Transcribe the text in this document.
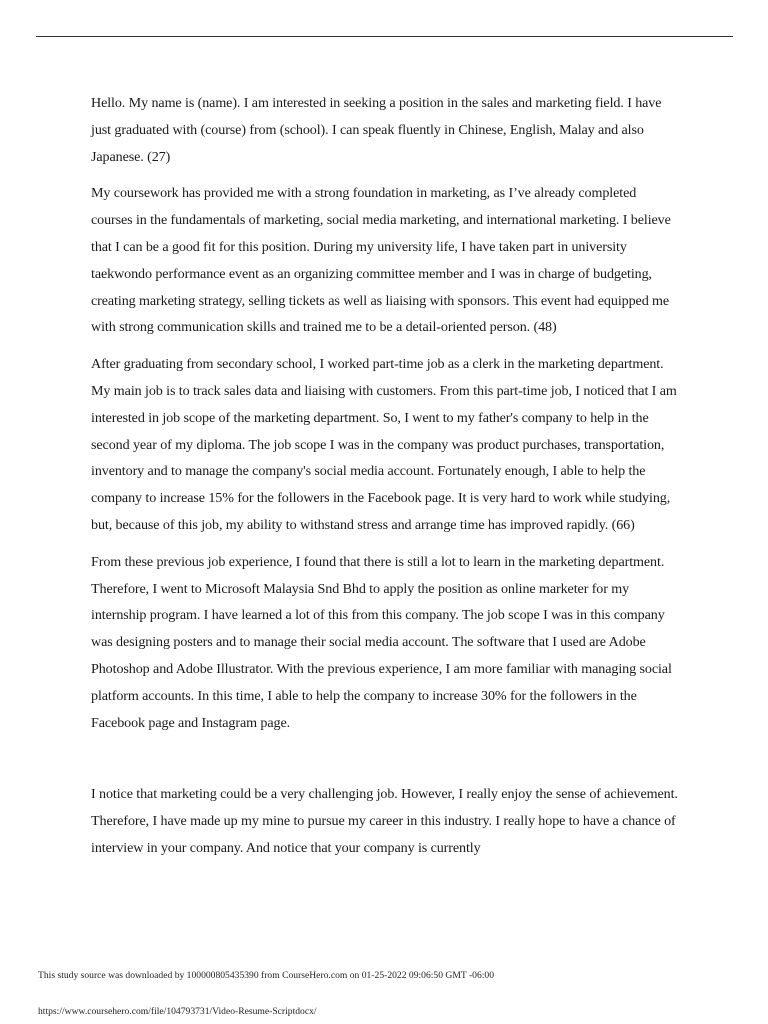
Hello. My name is (name). I am interested in seeking a position in the sales and marketing field. I have just graduated with (course) from (school). I can speak fluently in Chinese, English, Malay and also Japanese. (27)

My coursework has provided me with a strong foundation in marketing, as I’ve already completed courses in the fundamentals of marketing, social media marketing, and international marketing. I believe that I can be a good fit for this position. During my university life, I have taken part in university taekwondo performance event as an organizing committee member and I was in charge of budgeting, creating marketing strategy, selling tickets as well as liaising with sponsors. This event had equipped me with strong communication skills and trained me to be a detail-oriented person. (48)

After graduating from secondary school, I worked part-time job as a clerk in the marketing department. My main job is to track sales data and liaising with customers. From this part-time job, I noticed that I am interested in job scope of the marketing department. So, I went to my father's company to help in the second year of my diploma. The job scope I was in the company was product purchases, transportation, inventory and to manage the company's social media account. Fortunately enough, I able to help the company to increase 15% for the followers in the Facebook page. It is very hard to work while studying, but, because of this job, my ability to withstand stress and arrange time has improved rapidly. (66)

From these previous job experience, I found that there is still a lot to learn in the marketing department. Therefore, I went to Microsoft Malaysia Snd Bhd to apply the position as online marketer for my internship program. I have learned a lot of this from this company. The job scope I was in this company was designing posters and to manage their social media account. The software that I used are Adobe Photoshop and Adobe Illustrator. With the previous experience, I am more familiar with managing social platform accounts. In this time, I able to help the company to increase 30% for the followers in the Facebook page and Instagram page.

I notice that marketing could be a very challenging job. However, I really enjoy the sense of achievement. Therefore, I have made up my mine to pursue my career in this industry. I really hope to have a chance of interview in your company. And notice that your company is currently

This study source was downloaded by 100000805435390 from CourseHero.com on 01-25-2022 09:06:50 GMT -06:00
https://www.coursehero.com/file/104793731/Video-Resume-Scriptdocx/
